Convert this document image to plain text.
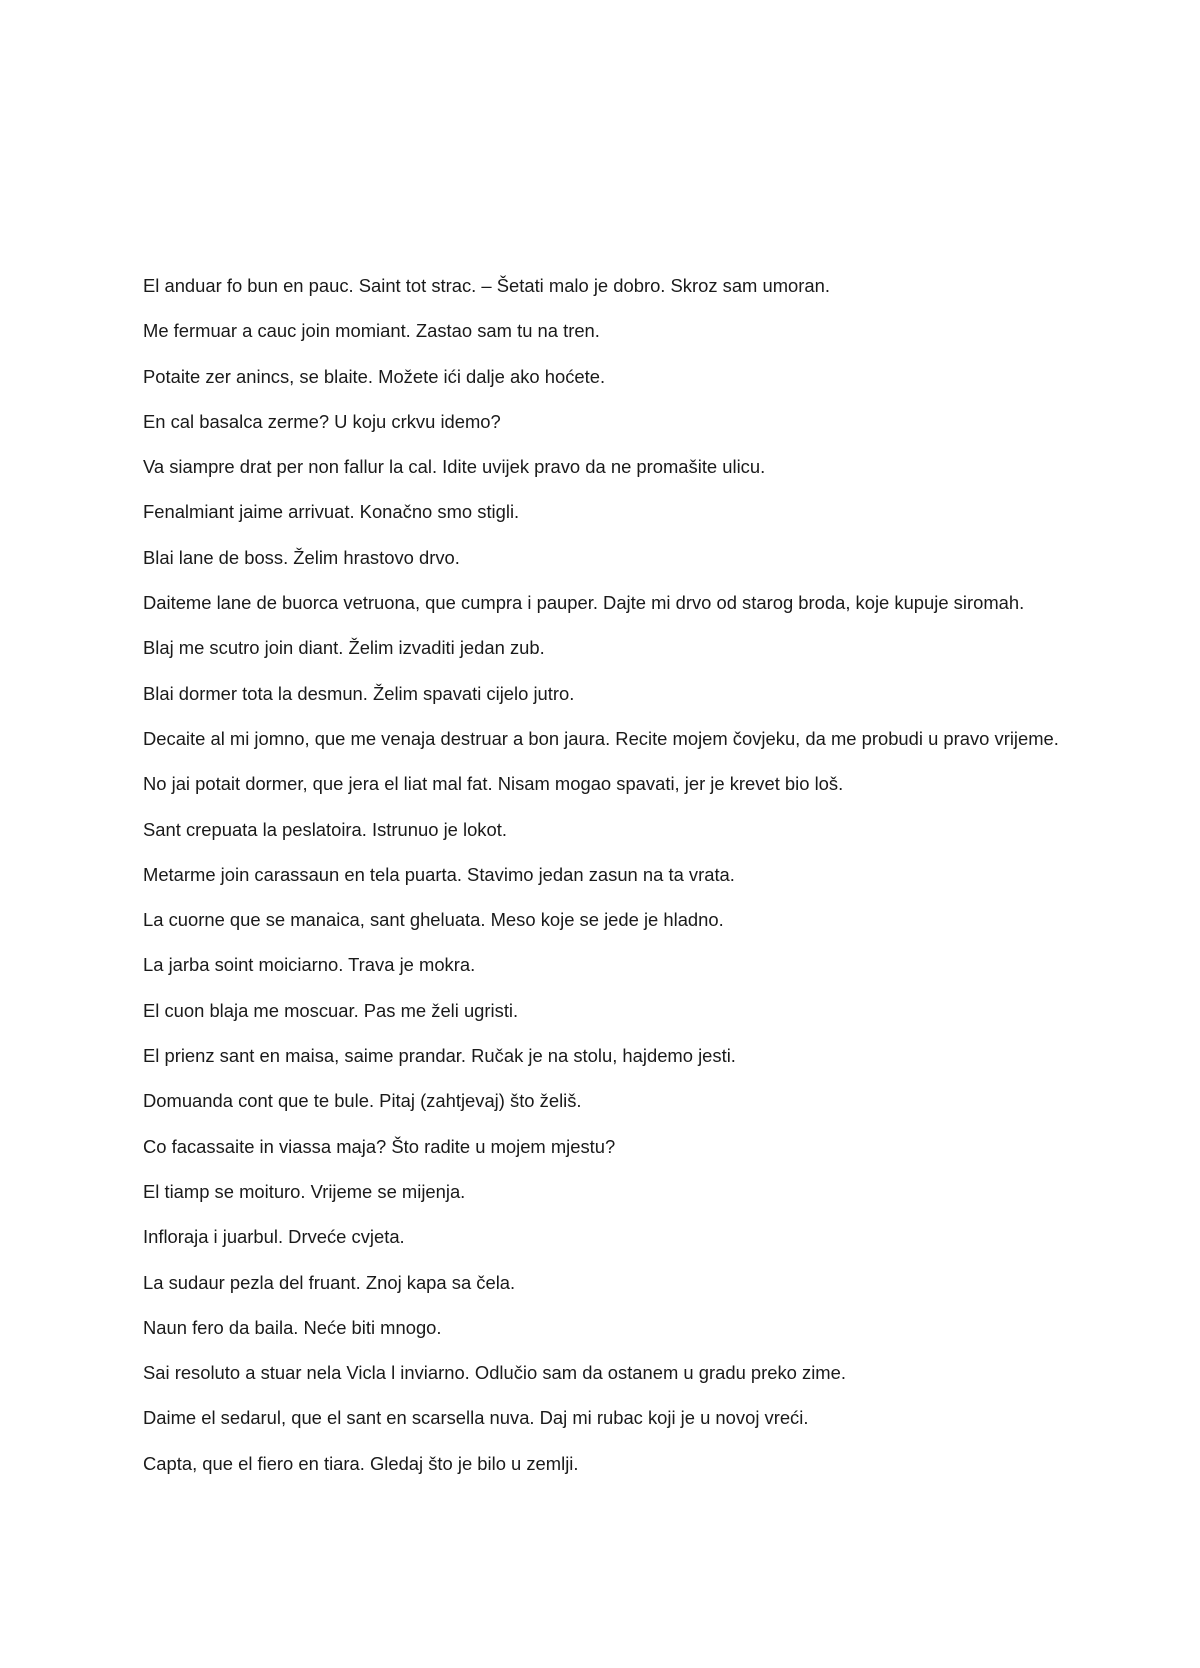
El anduar fo bun en pauc. Saint tot strac. – Šetati malo je dobro. Skroz sam umoran.

Me fermuar a cauc join momiant. Zastao sam tu na tren.

Potaite zer anincs, se blaite. Možete ići dalje ako hoćete.

En cal basalca zerme? U koju crkvu idemo?

Va siampre drat per non fallur la cal. Idite uvijek pravo da ne promašite ulicu.

Fenalmiant jaime arrivuat. Konačno smo stigli.

Blai lane de boss. Želim hrastovo drvo.

Daiteme lane de buorca vetruona, que cumpra i pauper. Dajte mi drvo od starog broda, koje kupuje siromah.

Blaj me scutro join diant. Želim izvaditi jedan zub.

Blai dormer tota la desmun. Želim spavati cijelo jutro.

Decaite al mi jomno, que me venaja destruar a bon jaura. Recite mojem čovjeku, da me probudi u pravo vrijeme.

No jai potait dormer, que jera el liat mal fat. Nisam mogao spavati, jer je krevet bio loš.

Sant crepuata la peslatoira. Istrunuo je lokot.

Metarme join carassaun en tela puarta. Stavimo jedan zasun na ta vrata.

La cuorne que se manaica, sant gheluata. Meso koje se jede je hladno.

La jarba soint moiciarno. Trava je mokra.

El cuon blaja me moscuar. Pas me želi ugristi.

El prienz sant en maisa, saime prandar. Ručak je na stolu, hajdemo jesti.

Domuanda cont que te bule. Pitaj (zahtjevaj) što želiš.

Co facassaite in viassa maja? Što radite u mojem mjestu?

El tiamp se moituro. Vrijeme se mijenja.

Infloraja i juarbul. Drveće cvjeta.

La sudaur pezla del fruant. Znoj kapa sa čela.

Naun fero da baila. Neće biti mnogo.

Sai resoluto a stuar nela Vicla l inviarno. Odlučio sam da ostanem u gradu preko zime.

Daime el sedarul, que el sant en scarsella nuva. Daj mi rubac koji je u novoj vreći.

Capta, que el fiero en tiara. Gledaj što je bilo u zemlji.
